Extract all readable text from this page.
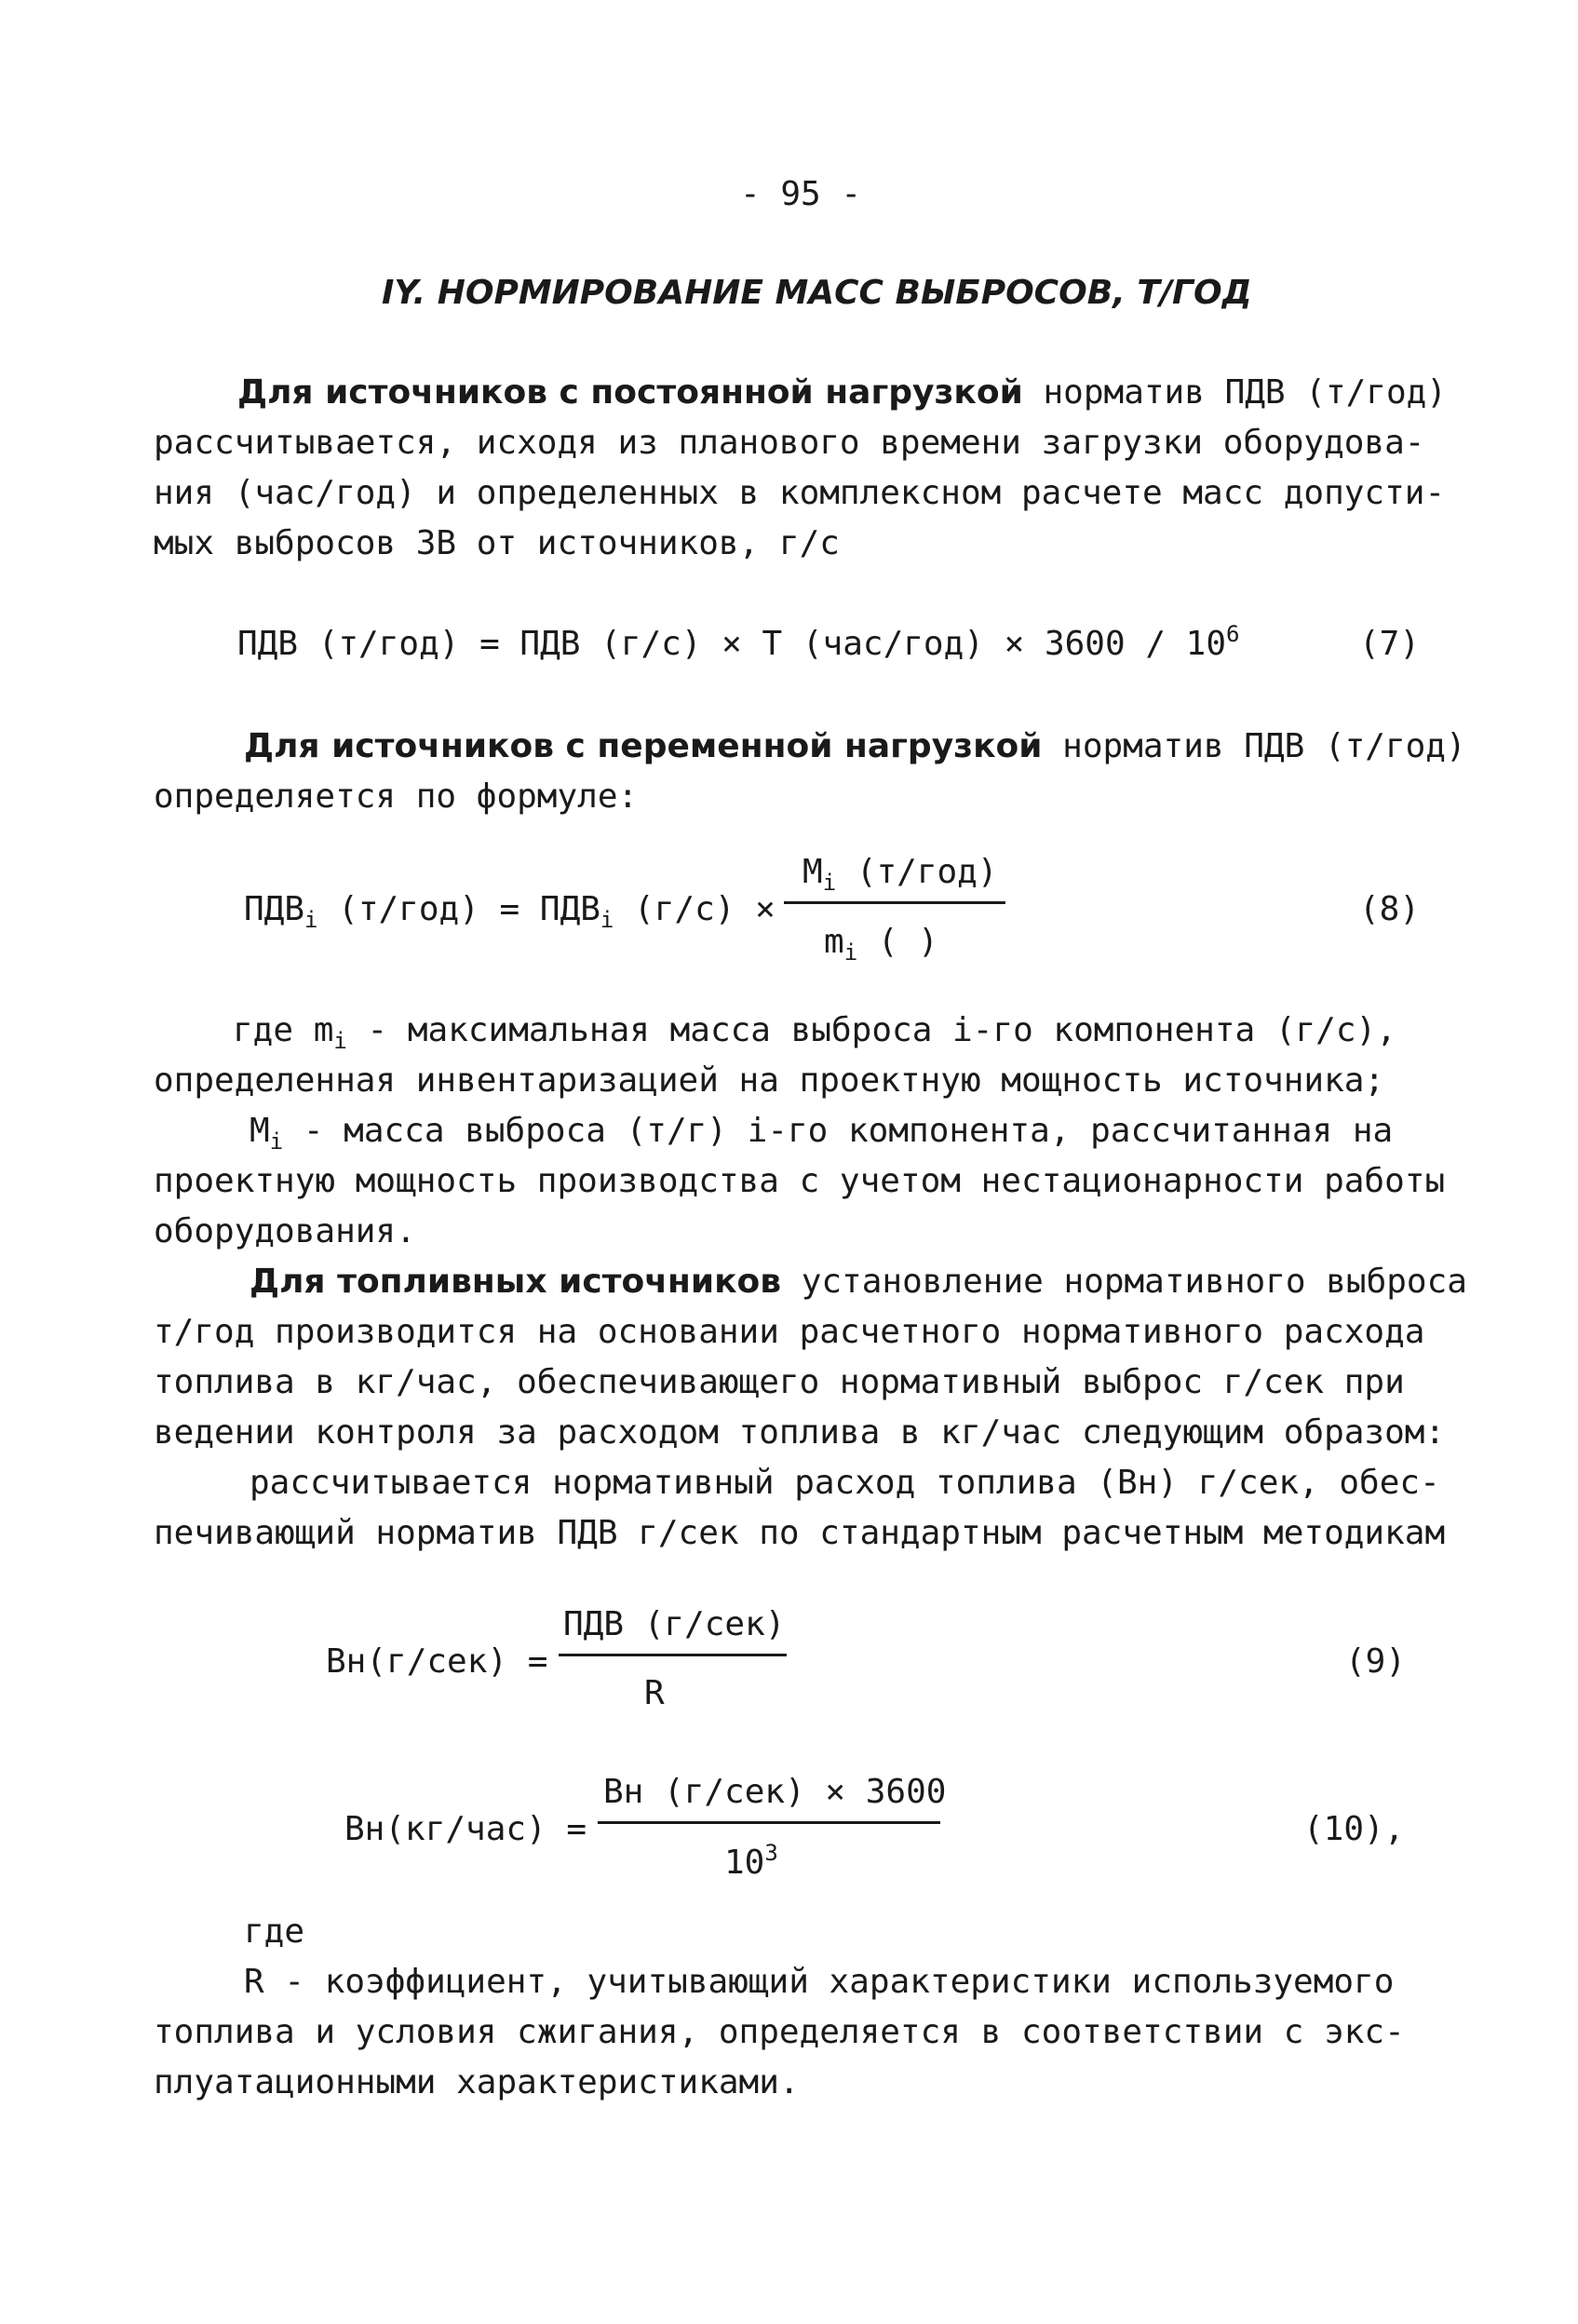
- 95 -
IY. НОРМИРОВАНИЕ МАСС ВЫБРОСОВ, Т/ГОД
Для источников с постоянной нагрузкой норматив ПДВ (т/год)
рассчитывается, исходя из планового времени загрузки оборудова-
ния (час/год) и определенных в комплексном расчете масс допусти-
мых выбросов ЗВ от источников, г/с
ПДВ (т/год) = ПДВ (г/с) × Т $(час/год) \times 3600 / 10^6$	(7)
Для источников с переменной нагрузкой норматив ПДВ (т/год)
определяется по формуле:
$ПДВ_i$ $(т/год) = ПДВ_i$ (г/с) ×
$M_i$ (т/год)
$m_i$ ( )
(8)
где $m_i$ - максимальная масса выброса i-го компонента (г/с),
определенная инвентаризацией на проектную мощность источника;
$M_i$ - масса выброса (т/г) i-го компонента, рассчитанная на
проектную мощность производства с учетом нестационарности работы
оборудования.
Для топливных источников установление нормативного выброса
т/год производится на основании расчетного нормативного расхода
топлива в кг/час, обеспечивающего нормативный выброс г/сек при
ведении контроля за расходом топлива в кг/час следующим образом:
рассчитывается нормативный расход топлива (Вн) г/сек, обес-
печивающий норматив ПДВ г/сек по стандартным расчетным методикам
Вн(г/сек) =
ПДВ (г/сек)
R
(9)
Вн(кг/час) =
Вн (г/сек) × 3600
$10^3$
(10),
где
R - коэффициент, учитывающий характеристики используемого
топлива и условия сжигания, определяется в соответствии с экс-
плуатационными характеристиками.
